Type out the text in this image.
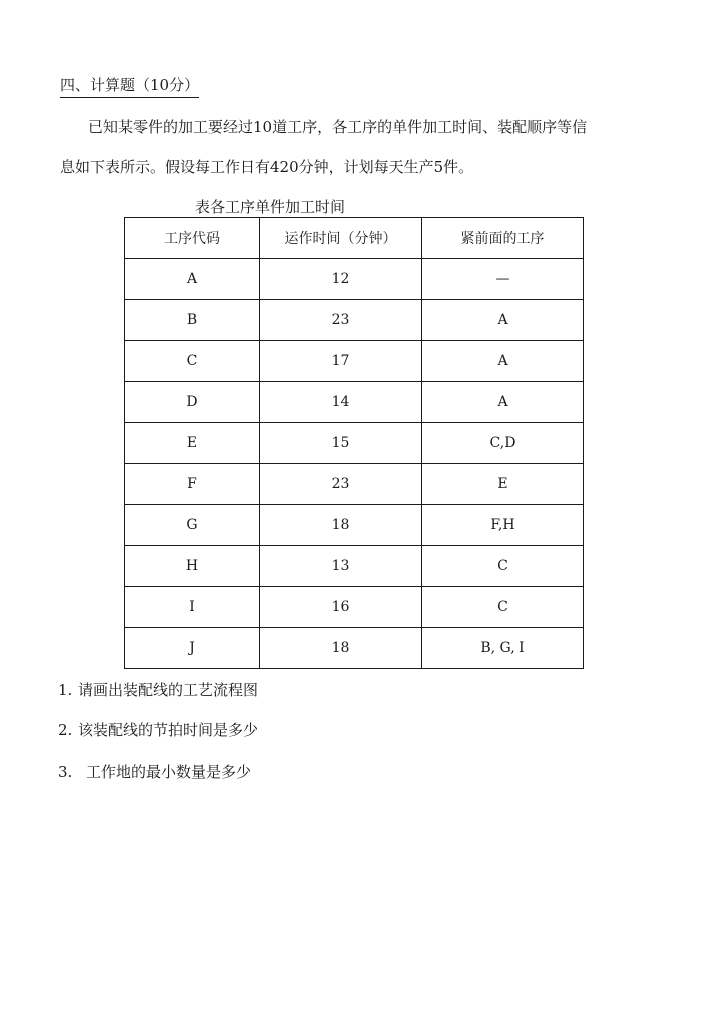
四、计算题（10分）
已知某零件的加工要经过10道工序，各工序的单件加工时间、装配顺序等信
息如下表所示。假设每工作日有420分钟，计划每天生产5件。
表各工序单件加工时间
工序代码	运作时间（分钟）	紧前面的工序
A	12	—
B	23	A
C	17	A
D	14	A
E	15	C,D
F	23	E
G	18	F,H
H	13	C
I	16	C
J	18	B, G, I
1. 请画出装配线的工艺流程图
2. 该装配线的节拍时间是多少
3. 工作地的最小数量是多少
